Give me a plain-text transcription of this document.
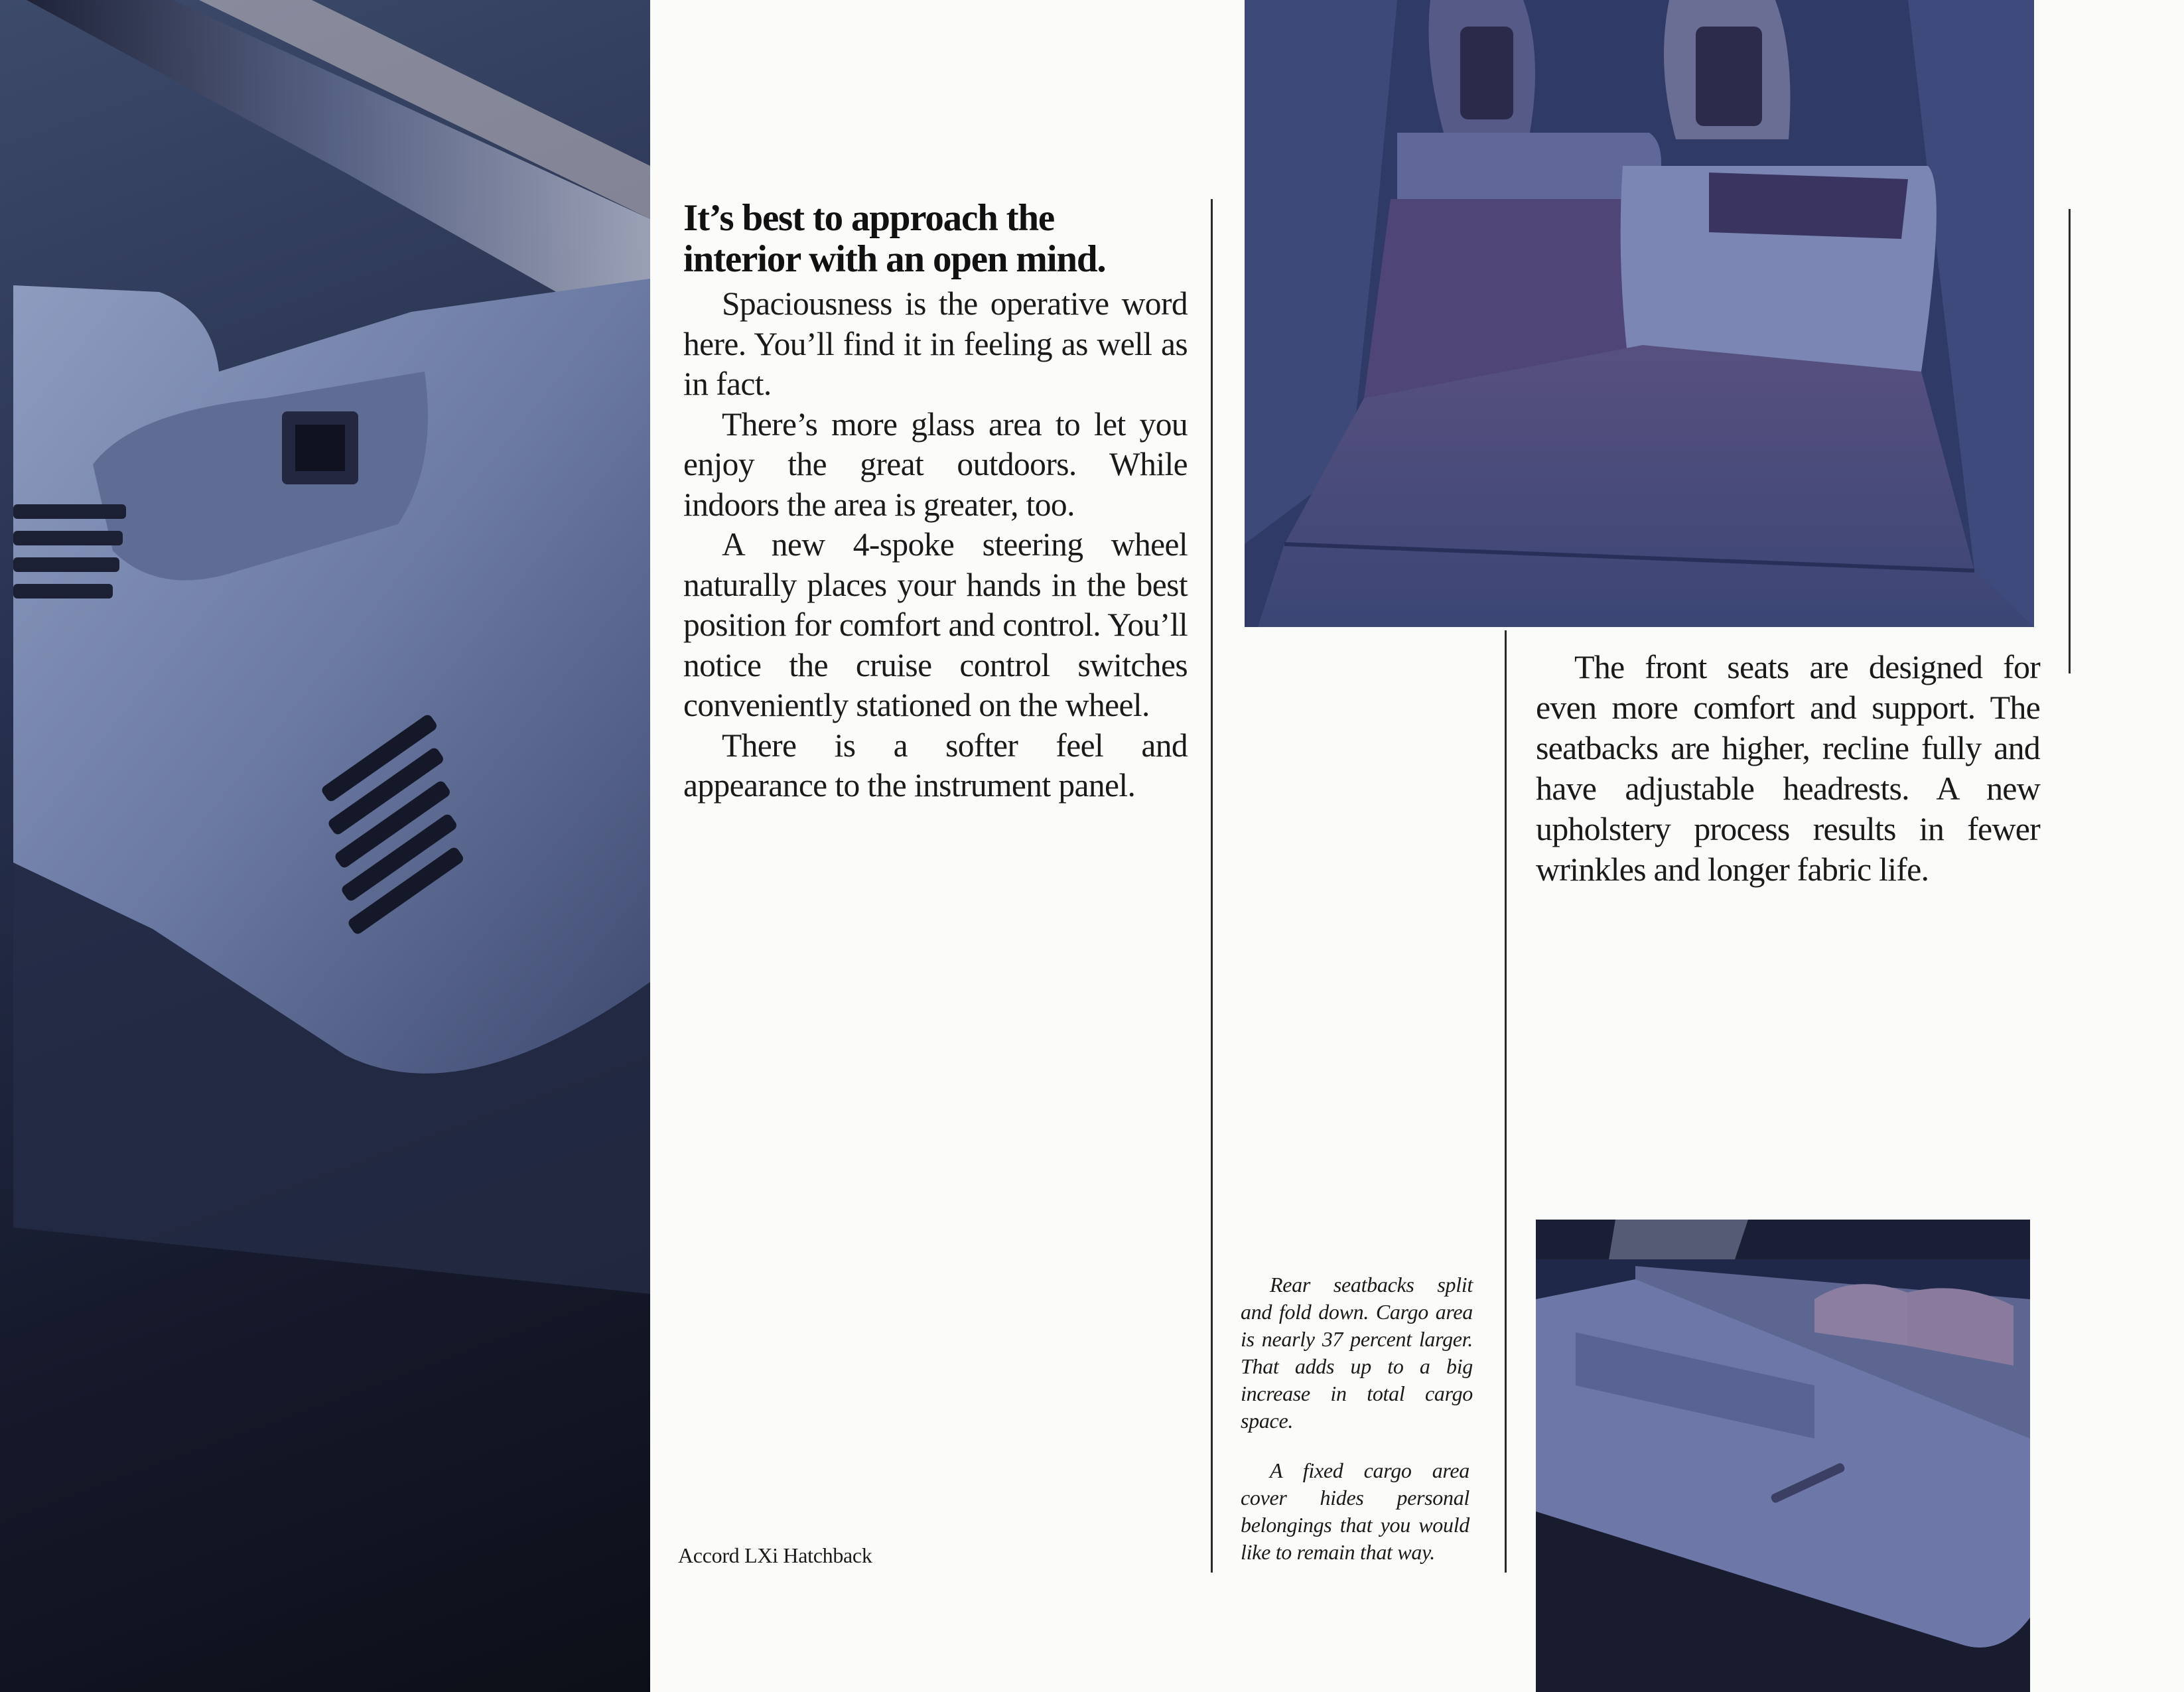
It’s best to approach the
interior with an open mind.

Spaciousness is the operative word here. You’ll find it in feeling as well as in fact.

There’s more glass area to let you enjoy the great outdoors. While indoors the area is greater, too.

A new 4-spoke steering wheel naturally places your hands in the best position for comfort and control. You’ll notice the cruise control switches conveniently stationed on the wheel.

There is a softer feel and appearance to the instrument panel.

The front seats are designed for even more comfort and support. The seatbacks are higher, recline fully and have adjustable headrests. A new upholstery process results in fewer wrinkles and longer fabric life.

Rear seatbacks split and fold down. Cargo area is nearly 37 percent larger. That adds up to a big increase in total cargo space.

A fixed cargo area cover hides personal belongings that you would like to remain that way.

Accord LXi Hatchback
